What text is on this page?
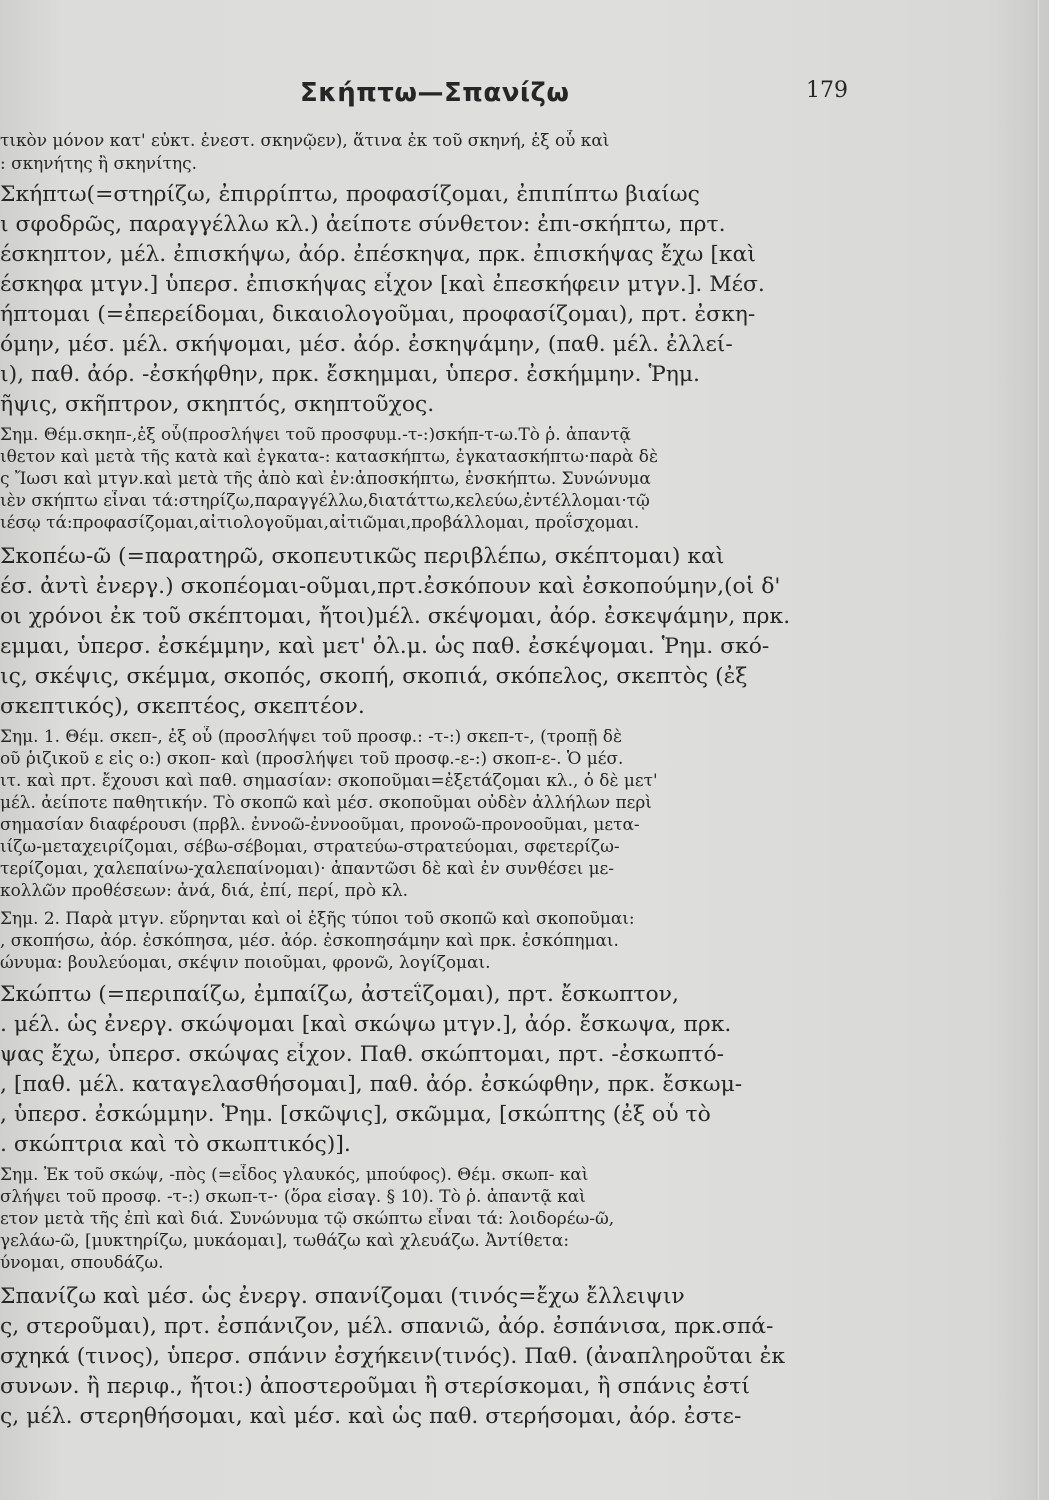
Σκήπτω—Σπανίζω	179
τικὸν μόνον κατ' εὐκτ. ἐνεστ. σκηνῷεν), ἅτινα ἐκ τοῦ σκηνή, ἐξ οὗ καὶ
: σκηνήτης ἢ σκηνίτης.
Σκήπτω(=στηρίζω, ἐπιρρίπτω, προφασίζομαι, ἐπιπίπτω βιαίως
ι σφοδρῶς, παραγγέλλω κλ.) ἀείποτε σύνθετον: ἐπι-σκήπτω, πρτ.
έσκηπτον, μέλ. ἐπισκήψω, ἀόρ. ἐπέσκηψα, πρκ. ἐπισκήψας ἔχω [καὶ
έσκηφα μτγν.] ὑπερσ. ἐπισκήψας εἶχον [καὶ ἐπεσκήφειν μτγν.]. Μέσ.
ήπτομαι (=ἐπερείδομαι, δικαιολογοῦμαι, προφασίζομαι), πρτ. ἐσκη-
όμην, μέσ. μέλ. σκήψομαι, μέσ. ἀόρ. ἐσκηψάμην, (παθ. μέλ. ἐλλεί-
ι), παθ. ἀόρ. -ἐσκήφθην, πρκ. ἔσκημμαι, ὑπερσ. ἐσκήμμην. Ῥημ.
ῆψις, σκῆπτρον, σκηπτός, σκηπτοῦχος.
Σημ. Θέμ.σκηπ-,ἐξ οὗ(προσλήψει τοῦ προσφυμ.-τ-:)σκήπ-τ-ω.Τὸ ῥ. ἀπαντᾷ
ιθετον καὶ μετὰ τῆς κατὰ καὶ ἐγκατα-: κατασκήπτω, ἐγκατασκήπτω·παρὰ δὲ
ς Ἴωσι καὶ μτγν.καὶ μετὰ τῆς ἀπὸ καὶ ἐν:ἀποσκήπτω, ἐνσκήπτω. Συνώνυμα
ιὲν σκήπτω εἶναι τά:στηρίζω,παραγγέλλω,διατάττω,κελεύω,ἐντέλλομαι·τῷ
ιέσῳ τά:προφασίζομαι,αἰτιολογοῦμαι,αἰτιῶμαι,προβάλλομαι, προΐσχομαι.
Σκοπέω-ῶ (=παρατηρῶ, σκοπευτικῶς περιβλέπω, σκέπτομαι) καὶ
έσ. ἀντὶ ἐνεργ.) σκοπέομαι-οῦμαι,πρτ.ἐσκόπουν καὶ ἐσκοπούμην,(οἱ δ'
οι χρόνοι ἐκ τοῦ σκέπτομαι, ἤτοι)μέλ. σκέψομαι, ἀόρ. ἐσκεψάμην, πρκ.
εμμαι, ὑπερσ. ἐσκέμμην, καὶ μετ' ὀλ.μ. ὡς παθ. ἐσκέψομαι. Ῥημ. σκό-
ις, σκέψις, σκέμμα, σκοπός, σκοπή, σκοπιά, σκόπελος, σκεπτὸς (ἐξ
σκεπτικός), σκεπτέος, σκεπτέον.
Σημ. 1. Θέμ. σκεπ-, ἐξ οὗ (προσλήψει τοῦ προσφ.: -τ-:) σκεπ-τ-, (τροπῇ δὲ
οῦ ῥιζικοῦ ε εἰς ο:) σκοπ- καὶ (προσλήψει τοῦ προσφ.-ε-:) σκοπ-ε-. Ὁ μέσ.
ιτ. καὶ πρτ. ἔχουσι καὶ παθ. σημασίαν: σκοποῦμαι=ἐξετάζομαι κλ., ὁ δὲ μετ'
μέλ. ἀείποτε παθητικήν. Τὸ σκοπῶ καὶ μέσ. σκοποῦμαι οὐδὲν ἀλλήλων περὶ
σημασίαν διαφέρουσι (πρβλ. ἐννοῶ-ἐννοοῦμαι, προνοῶ-προνοοῦμαι, μετα-
ιίζω-μεταχειρίζομαι, σέβω-σέβομαι, στρατεύω-στρατεύομαι, σφετερίζω-
τερίζομαι, χαλεπαίνω-χαλεπαίνομαι)· ἀπαντῶσι δὲ καὶ ἐν συνθέσει με-
κολλῶν προθέσεων: ἀνά, διά, ἐπί, περί, πρὸ κλ.
Σημ. 2. Παρὰ μτγν. εὕρηνται καὶ οἱ ἑξῆς τύποι τοῦ σκοπῶ καὶ σκοποῦμαι:
, σκοπήσω, ἀόρ. ἐσκόπησα, μέσ. ἀόρ. ἐσκοπησάμην καὶ πρκ. ἐσκόπημαι.
ώνυμα: βουλεύομαι, σκέψιν ποιοῦμαι, φρονῶ, λογίζομαι.
Σκώπτω (=περιπαίζω, ἐμπαίζω, ἀστεΐζομαι), πρτ. ἔσκωπτον,
. μέλ. ὡς ἐνεργ. σκώψομαι [καὶ σκώψω μτγν.], ἀόρ. ἔσκωψα, πρκ.
ψας ἔχω, ὑπερσ. σκώψας εἶχον. Παθ. σκώπτομαι, πρτ. -ἐσκωπτό-
, [παθ. μέλ. καταγελασθήσομαι], παθ. ἀόρ. ἐσκώφθην, πρκ. ἔσκωμ-
, ὑπερσ. ἐσκώμμην. Ῥημ. [σκῶψις], σκῶμμα, [σκώπτης (ἐξ οὗ τὸ
. σκώπτρια καὶ τὸ σκωπτικός)].
Σημ. Ἐκ τοῦ σκώψ, -πὸς (=εἶδος γλαυκός, μπούφος). Θέμ. σκωπ- καὶ
σλήψει τοῦ προσφ. -τ-:) σκωπ-τ-· (ὅρα εἰσαγ. § 10). Τὸ ῥ. ἀπαντᾷ καὶ
ετον μετὰ τῆς ἐπὶ καὶ διά. Συνώνυμα τῷ σκώπτω εἶναι τά: λοιδορέω-ῶ,
γελάω-ῶ, [μυκτηρίζω, μυκάομαι], τωθάζω καὶ χλευάζω. Ἀντίθετα:
ύνομαι, σπουδάζω.
Σπανίζω καὶ μέσ. ὡς ἐνεργ. σπανίζομαι (τινός=ἔχω ἔλλειψιν
ς, στεροῦμαι), πρτ. ἐσπάνιζον, μέλ. σπανιῶ, ἀόρ. ἐσπάνισα, πρκ.σπά-
σχηκά (τινος), ὑπερσ. σπάνιν ἐσχήκειν(τινός). Παθ. (ἀναπληροῦται ἐκ
συνων. ἢ περιφ., ἤτοι:) ἀποστεροῦμαι ἢ στερίσκομαι, ἢ σπάνις ἐστί
ς, μέλ. στερηθήσομαι, καὶ μέσ. καὶ ὡς παθ. στερήσομαι, ἀόρ. ἐστε-
